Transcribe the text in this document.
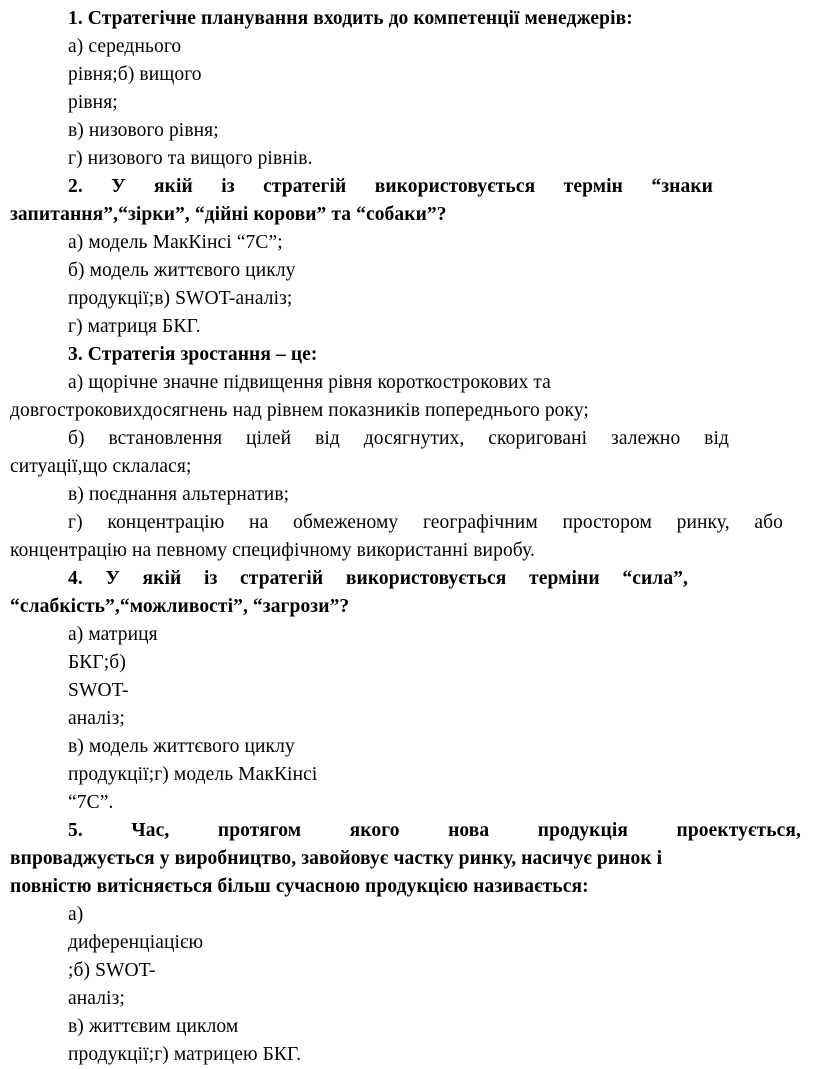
1. Стратегічне планування входить до компетенції менеджерів:
а) середнього
рівня;б) вищого
рівня;
в) низового рівня;
г) низового та вищого рівнів.
2. У якій із стратегій використовується термін “знаки
запитання”,“зірки”, “дійні корови” та “собаки”?
а) модель МакКінсі “7С”;
б) модель життєвого циклу
продукції;в) SWOT-аналіз;
г) матриця БКГ.
3. Стратегія зростання – це:
а) щорічне значне підвищення рівня короткострокових та
довгостроковихдосягнень над рівнем показників попереднього року;
б) встановлення цілей від досягнутих, скориговані залежно від
ситуації,що склалася;
в) поєднання альтернатив;
г) концентрацію на обмеженому географічним простором ринку, або
концентрацію на певному специфічному використанні виробу.
4. У якій із стратегій використовується терміни “сила”,
“слабкість”,“можливості”, “загрози”?
а) матриця
БКГ;б)
SWOT-
аналіз;
в) модель життєвого циклу
продукції;г) модель МакКінсі
“7С”.
5. Час, протягом якого нова продукція проектується,
впроваджується у виробництво, завойовує частку ринку, насичує ринок і
повністю витісняється більш сучасною продукцією називається:
а)
диференціацією
;б) SWOT-
аналіз;
в) життєвим циклом
продукції;г) матрицею БКГ.
